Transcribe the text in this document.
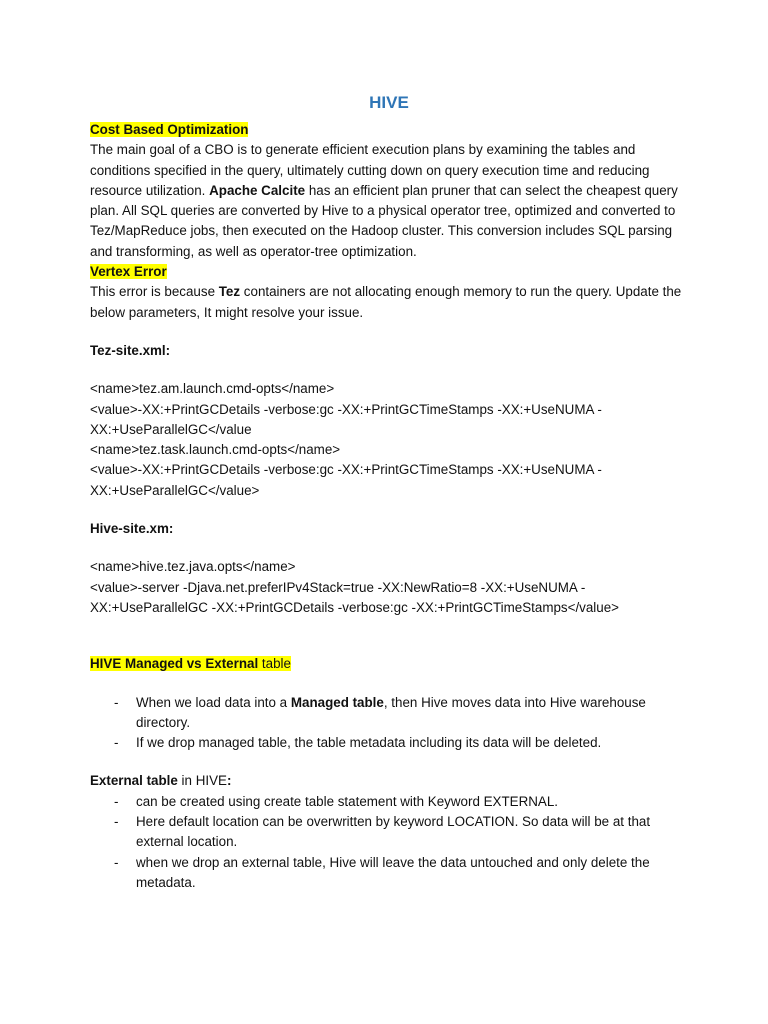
HIVE
Cost Based Optimization

The main goal of a CBO is to generate efficient execution plans by examining the tables and conditions specified in the query, ultimately cutting down on query execution time and reducing resource utilization. Apache Calcite has an efficient plan pruner that can select the cheapest query plan. All SQL queries are converted by Hive to a physical operator tree, optimized and converted to Tez/MapReduce jobs, then executed on the Hadoop cluster. This conversion includes SQL parsing and transforming, as well as operator-tree optimization.

Vertex Error

This error is because Tez containers are not allocating enough memory to run the query. Update the below parameters, It might resolve your issue.

Tez-site.xml:

<name>tez.am.launch.cmd-opts</name>
<value>-XX:+PrintGCDetails -verbose:gc -XX:+PrintGCTimeStamps -XX:+UseNUMA -XX:+UseParallelGC</value
<name>tez.task.launch.cmd-opts</name>
<value>-XX:+PrintGCDetails -verbose:gc -XX:+PrintGCTimeStamps -XX:+UseNUMA -XX:+UseParallelGC</value>

Hive-site.xm:

<name>hive.tez.java.opts</name>
<value>-server -Djava.net.preferIPv4Stack=true -XX:NewRatio=8 -XX:+UseNUMA -XX:+UseParallelGC -XX:+PrintGCDetails -verbose:gc -XX:+PrintGCTimeStamps</value>

HIVE Managed vs External table

- When we load data into a Managed table, then Hive moves data into Hive warehouse directory.
- If we drop managed table, the table metadata including its data will be deleted.

External table in HIVE:

- can be created using create table statement with Keyword EXTERNAL.
- Here default location can be overwritten by keyword LOCATION. So data will be at that external location.
- when we drop an external table, Hive will leave the data untouched and only delete the metadata.
